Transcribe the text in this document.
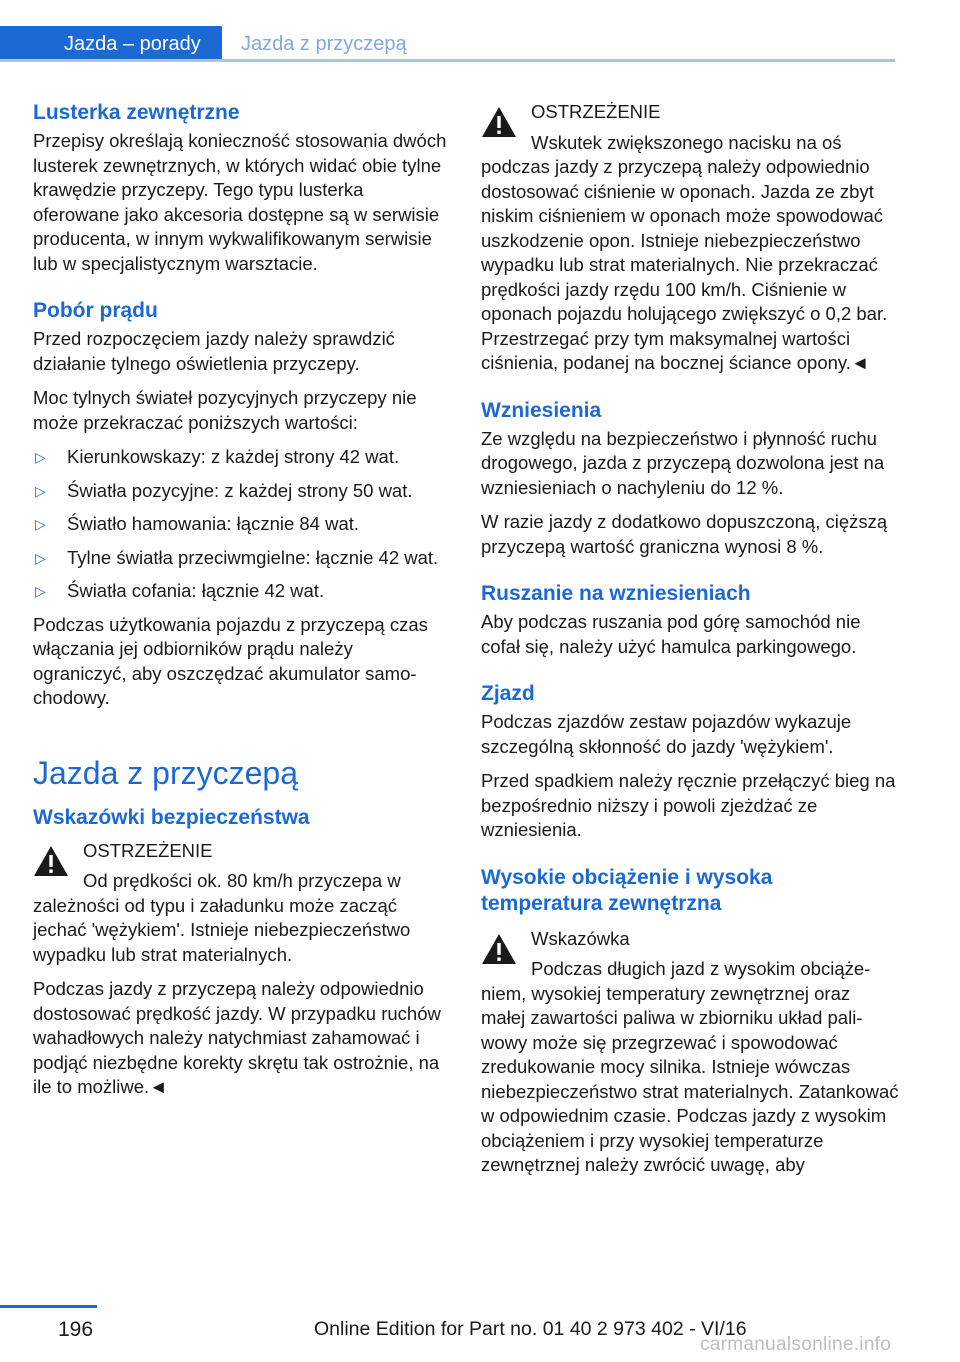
Jazda – porady	Jazda z przyczepą
Lusterka zewnętrzne

Przepisy określają konieczność stosowania dwóch lusterek zewnętrznych, w których widać obie tylne krawędzie przyczepy. Tego typu lusterka oferowane jako akcesoria dostępne są w serwisie producenta, w innym wykwalifikowanym serwisie lub w specjalistycznym warsztacie.

Pobór prądu

Przed rozpoczęciem jazdy należy sprawdzić działanie tylnego oświetlenia przyczepy.

Moc tylnych świateł pozycyjnych przyczepy nie może przekraczać poniższych wartości:

▷ Kierunkowskazy: z każdej strony 42 wat.
▷ Światła pozycyjne: z każdej strony 50 wat.
▷ Światło hamowania: łącznie 84 wat.
▷ Tylne światła przeciwmgielne: łącznie 42 wat.
▷ Światła cofania: łącznie 42 wat.

Podczas użytkowania pojazdu z przyczepą czas włączania jej odbiorników prądu należy ograniczyć, aby oszczędzać akumulator samochodowy.

Jazda z przyczepą
Wskazówki bezpieczeństwa
OSTRZEŻENIE

Od prędkości ok. 80 km/h przyczepa w zależności od typu i załadunku może zacząć jechać 'wężykiem'. Istnieje niebezpieczeństwo wypadku lub strat materialnych.

Podczas jazdy z przyczepą należy odpowiednio dostosować prędkość jazdy. W przypadku ruchów wahadłowych należy natychmiast zahamować i podjąć niezbędne korekty skrętu tak ostrożnie, na ile to możliwe.◄

OSTRZEŻENIE

Wskutek zwiększonego nacisku na oś podczas jazdy z przyczepą należy odpowiednio dostosować ciśnienie w oponach. Jazda ze zbyt niskim ciśnieniem w oponach może spowodować uszkodzenie opon. Istnieje niebezpieczeństwo wypadku lub strat materialnych. Nie przekraczać prędkości jazdy rzędu 100 km/h. Ciśnienie w oponach pojazdu holującego zwiększyć o 0,2 bar. Przestrzegać przy tym maksymalnej wartości ciśnienia, podanej na bocznej ściance opony.◄

Wzniesienia

Ze względu na bezpieczeństwo i płynność ruchu drogowego, jazda z przyczepą dozwolona jest na wzniesieniach o nachyleniu do 12 %.

W razie jazdy z dodatkowo dopuszczoną, cięższą przyczepą wartość graniczna wynosi 8 %.

Ruszanie na wzniesieniach

Aby podczas ruszania pod górę samochód nie cofał się, należy użyć hamulca parkingowego.

Zjazd

Podczas zjazdów zestaw pojazdów wykazuje szczególną skłonność do jazdy 'wężykiem'.

Przed spadkiem należy ręcznie przełączyć bieg na bezpośrednio niższy i powoli zjeżdżać ze wzniesienia.

Wysokie obciążenie i wysoka temperatura zewnętrzna
Wskazówka

Podczas długich jazd z wysokim obciążeniem, wysokiej temperatury zewnętrznej oraz małej zawartości paliwa w zbiorniku układ paliwowy może się przegrzewać i spowodować zredukowanie mocy silnika. Istnieje wówczas niebezpieczeństwo strat materialnych. Zatankować w odpowiednim czasie. Podczas jazdy z wysokim obciążeniem i przy wysokiej temperaturze zewnętrznej należy zwrócić uwagę, aby

196	Online Edition for Part no. 01 40 2 973 402 - VI/16
carmanualsonline.info
